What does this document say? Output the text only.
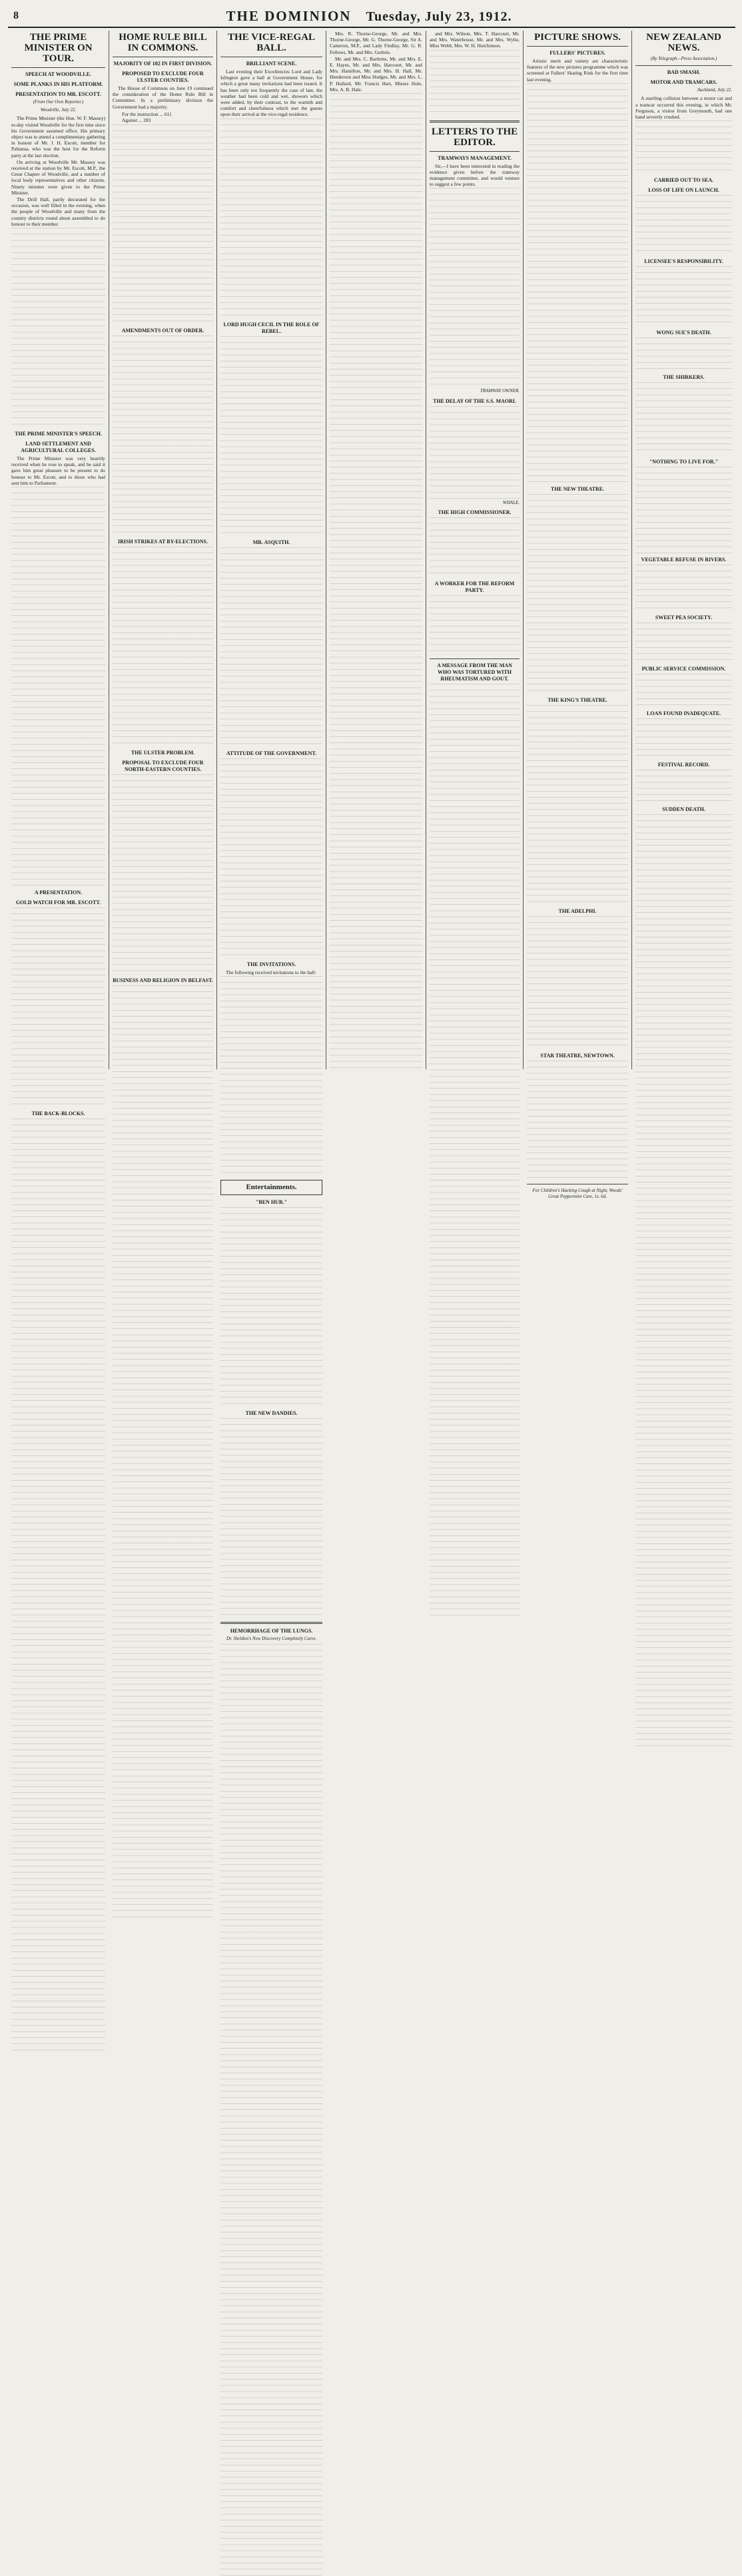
8	THE DOMINION Tuesday, July 23, 1912.
THE PRIME MINISTER ON TOUR.
SPEECH AT WOODVILLE.
SOME PLANKS IN HIS PLATFORM.
PRESENTATION TO MR. ESCOTT.
(From Our Own Reporter.)
Woodville, July 22.

The Prime Minister (the Hon. W. F. Massey) to-day visited Woodville for the first time since his Government assumed office. His primary object was to attend a complimentary gathering in honour of Mr. J. H. Escott, member for Pahiatua, who was the host for the Reform party at the last election.

On arriving at Woodville Mr. Massey was received at the station by Mr. Escott, M.P., the Great Chapter of Woodville, and a number of local body representatives and other citizens. Ninety minutes were given to the Prime Minister.

The Drill Hall, partly decorated for the occasion, was well filled in the evening, when the people of Woodville and many from the country districts round about assembled to do honour to their member.

THE PRIME MINISTER'S SPEECH.
LAND SETTLEMENT AND AGRICULTURAL COLLEGES.

The Prime Minister was very heartily received when he rose to speak, and he said it gave him great pleasure to be present to do honour to Mr. Escott, and to those who had sent him to Parliament.

A PRESENTATION.
GOLD WATCH FOR MR. ESCOTT.
THE BACK-BLOCKS.
HOME RULE BILL IN COMMONS.
MAJORITY OF 102 IN FIRST DIVISION.
PROPOSED TO EXCLUDE FOUR ULSTER COUNTIES.

The House of Commons on June 19 continued the consideration of the Home Rule Bill in Committee. In a preliminary division the Government had a majority.

For the instruction ... 611
Against ... 283
AMENDMENTS OUT OF ORDER.
IRISH STRIKES AT BY-ELECTIONS.
THE ULSTER PROBLEM.
PROPOSAL TO EXCLUDE FOUR NORTH-EASTERN COUNTIES.
BUSINESS AND RELIGION IN BELFAST.
THE VICE-REGAL BALL.
BRILLIANT SCENE.

Last evening their Excellencies Lord and Lady Islington gave a ball at Government House, for which a great many invitations had been issued. It has been only too frequently the case of late, the weather had been cold and wet, showers which were added, by their contrast, to the warmth and comfort and cheerfulness which met the guests upon their arrival at the vice-regal residence.

LORD HUGH CECIL IN THE ROLE OF REBEL.
MR. ASQUITH.
ATTITUDE OF THE GOVERNMENT.
THE INVITATIONS.

The following received invitations to the ball:

Entertainments.
"BEN HUR."
THE NEW DANDIES.
HEMORRHAGE OF THE LUNGS.
Dr. Sheldon's New Discovery Completely Cures.

Mrs. R. Thorne-George, Mr. and Mrs. Thorne-George, Mr. G. Thorne-George, Sir A. Cameron, M.P., and Lady Findlay, Mr. G. R. Fellows, Mr. and Mrs. Guthrie.

Mr. and Mrs. C. Bartlette, Mr. and Mrs. E. E. Hayes, Mr. and Mrs. Harcourt, Mr. and Mrs. Hamilton, Mr. and Mrs. H. Hall, Mr. Henderson and Miss Hodges, Mr. and Mrs. L. P. Hallard, Mr. Francis Hart, Misses Hole, Mrs. A. B. Hale.

and Mrs. Wilson, Mrs. T. Harcourt, Mr. and Mrs. Waterhouse, Mr. and Mrs. Wylie, Miss Webb, Mrs. W. H. Hutchinson.

LETTERS TO THE EDITOR.
TRAMWAYS MANAGEMENT.

Sir,—I have been interested in reading the evidence given before the tramway management committee, and would venture to suggest a few points.

TRAMWAY OWNER.
THE DELAY OF THE S.S. MAORI.
WHALE.
THE HIGH COMMISSIONER.
A WORKER FOR THE REFORM PARTY.
A MESSAGE FROM THE MAN WHO WAS TORTURED WITH RHEUMATISM AND GOUT.
PICTURE SHOWS.
FULLERS' PICTURES.

Artistic merit and variety are characteristic features of the new pictures programme which was screened at Fullers' Skating Rink for the first time last evening.

THE NEW THEATRE.
THE KING'S THEATRE.
THE ADELPHI.
STAR THEATRE, NEWTOWN.
For Children's Hacking Cough at Night, Woods' Great Peppermint Cure, 1s. 6d.
NEW ZEALAND NEWS.
(By Telegraph—Press Association.)
BAD SMASH.
MOTOR AND TRAMCARS.
Auckland, July 22.

A startling collision between a motor car and a tramcar occurred this evening, in which Mr. Ferguson, a visitor from Greymouth, had one hand severely crushed.

CARRIED OUT TO SEA.
LOSS OF LIFE ON LAUNCH.
LICENSEE'S RESPONSIBILITY.
WONG SUE'S DEATH.
THE SHIRKERS.
"NOTHING TO LIVE FOR."
VEGETABLE REFUSE IN RIVERS.
SWEET PEA SOCIETY.
PUBLIC SERVICE COMMISSION.
LOAN FOUND INADEQUATE.
FESTIVAL RECORD.
SUDDEN DEATH.
